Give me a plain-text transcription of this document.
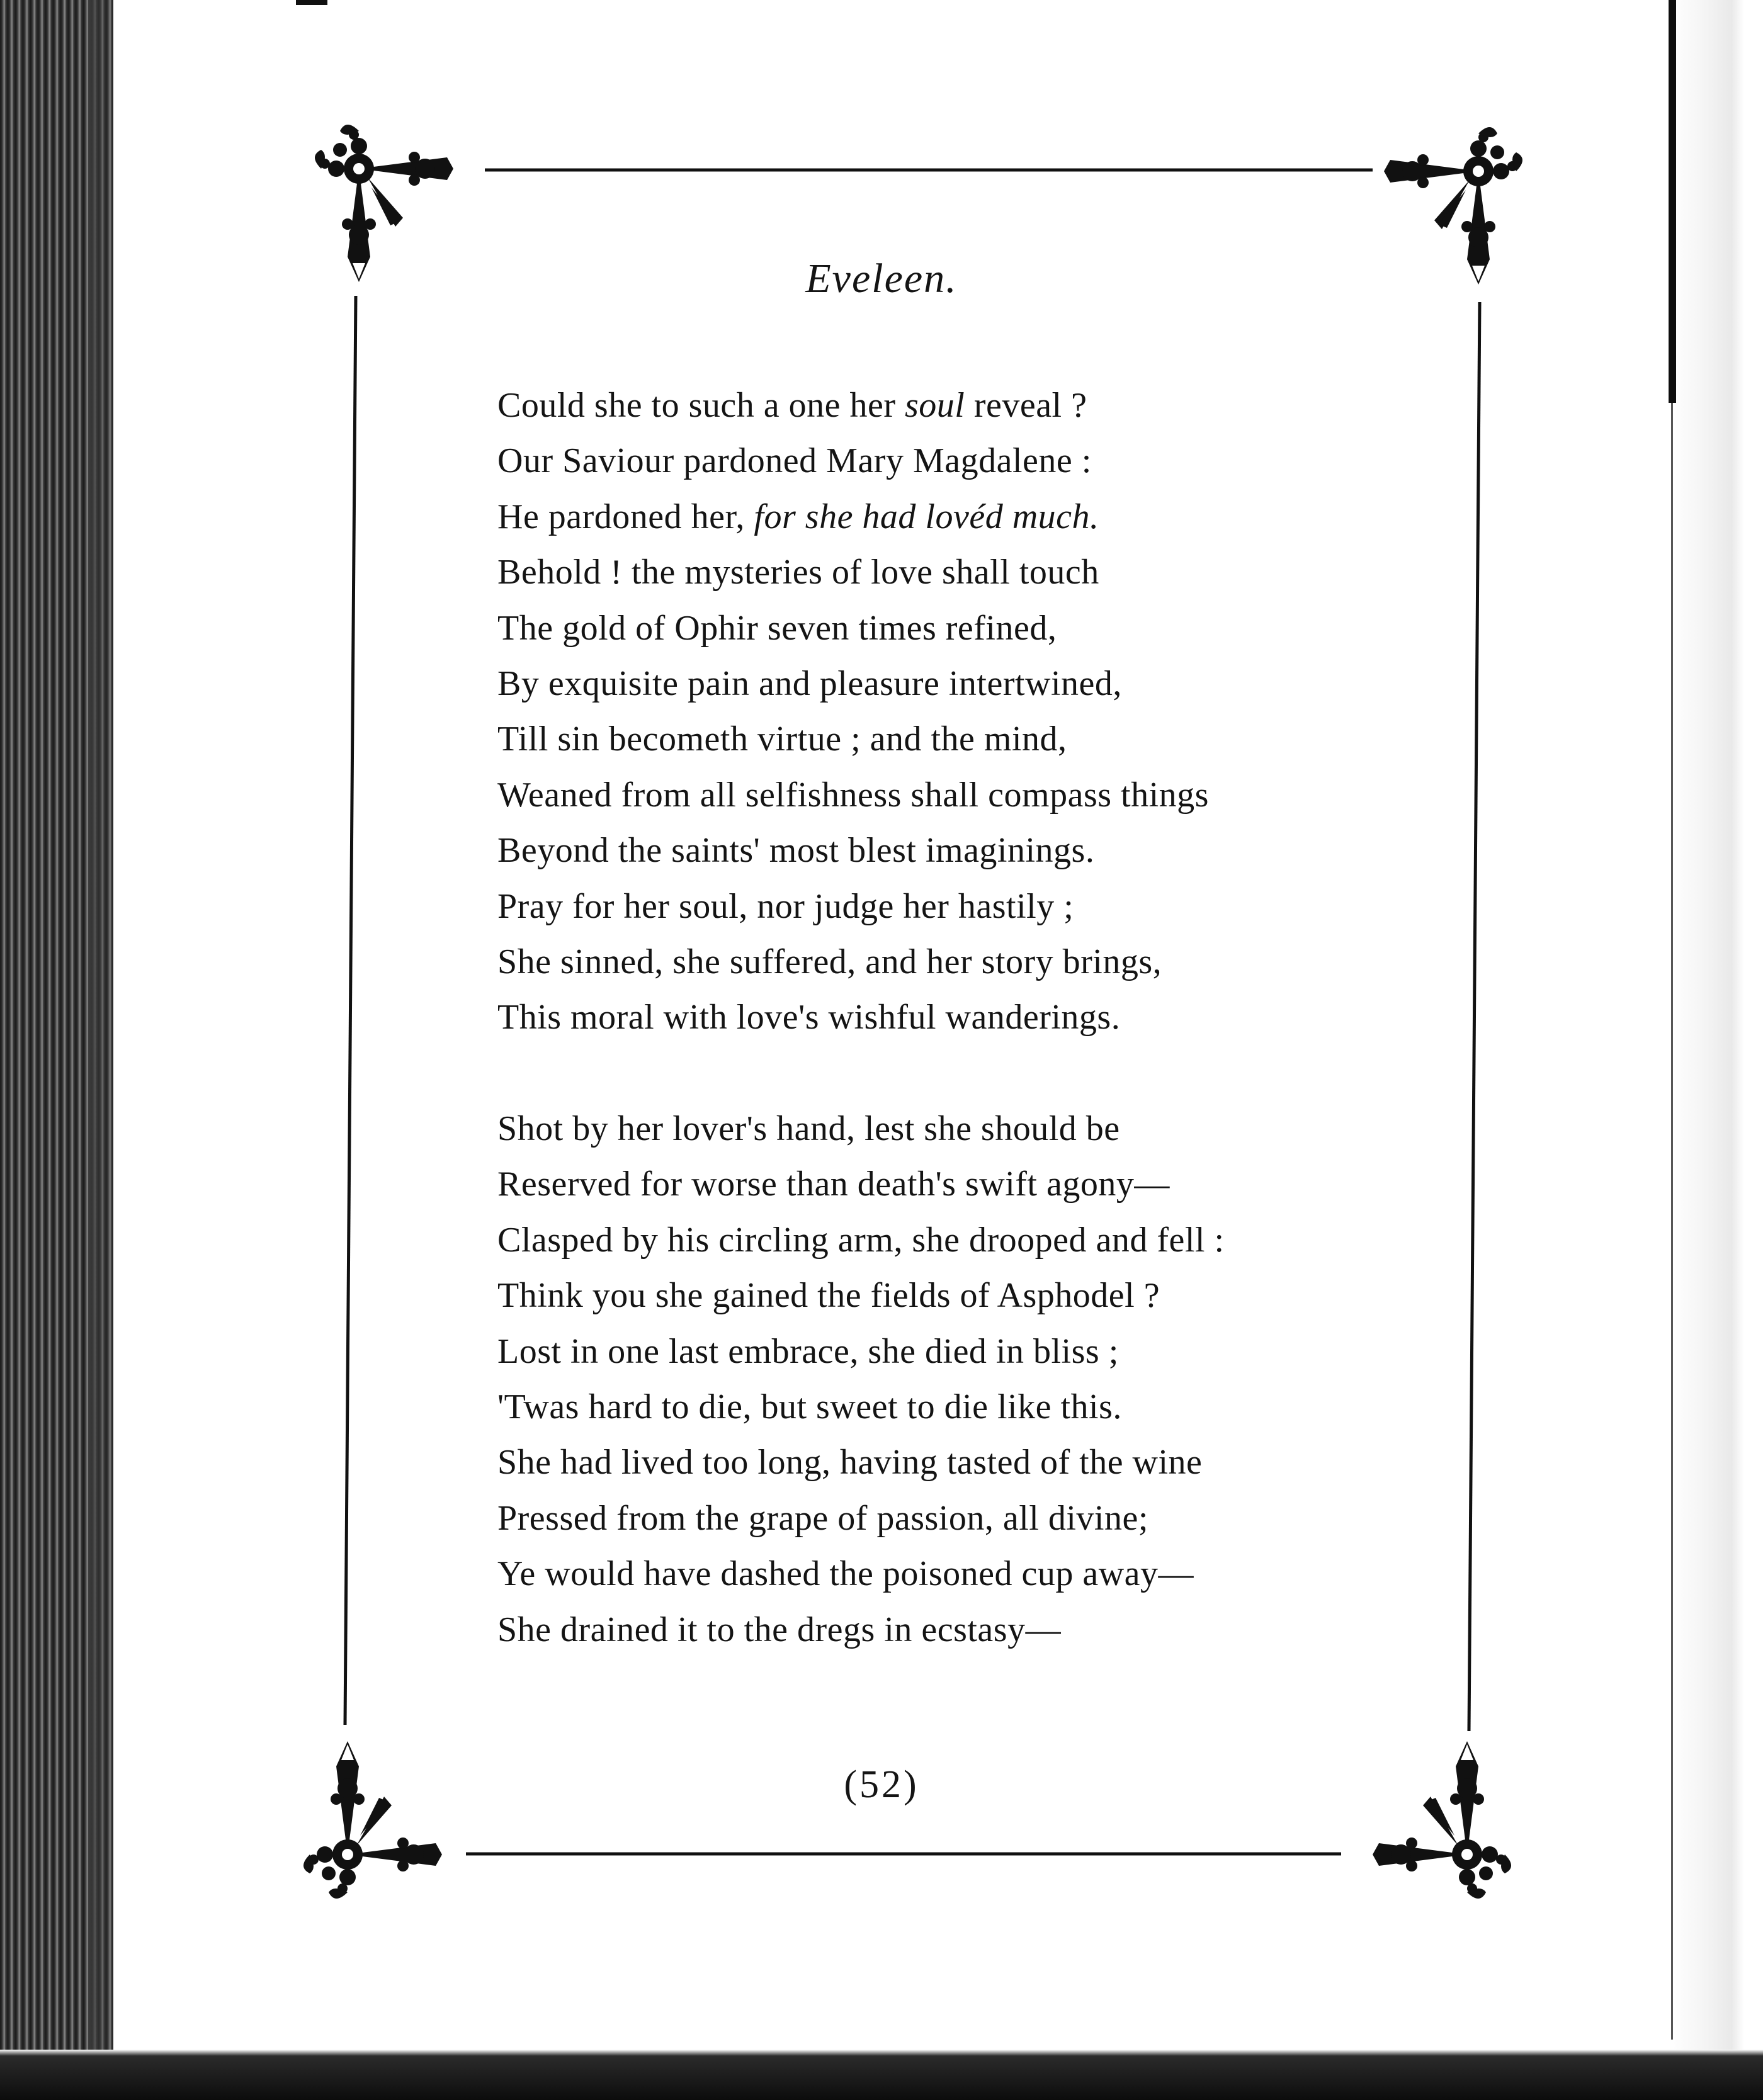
Eveleen.
Could she to such a one her soul reveal ?
Our Saviour pardoned Mary Magdalene :
He pardoned her, for she had lovéd much.
Behold ! the mysteries of love shall touch
The gold of Ophir seven times refined,
By exquisite pain and pleasure intertwined,
Till sin becometh virtue ; and the mind,
Weaned from all selfishness shall compass things
Beyond the saints' most blest imaginings.
Pray for her soul, nor judge her hastily ;
She sinned, she suffered, and her story brings,
This moral with love's wishful wanderings.
Shot by her lover's hand, lest she should be
Reserved for worse than death's swift agony—
Clasped by his circling arm, she drooped and fell :
Think you she gained the fields of Asphodel ?
Lost in one last embrace, she died in bliss ;
'Twas hard to die, but sweet to die like this.
She had lived too long, having tasted of the wine
Pressed from the grape of passion, all divine;
Ye would have dashed the poisoned cup away—
She drained it to the dregs in ecstasy—
(52)
